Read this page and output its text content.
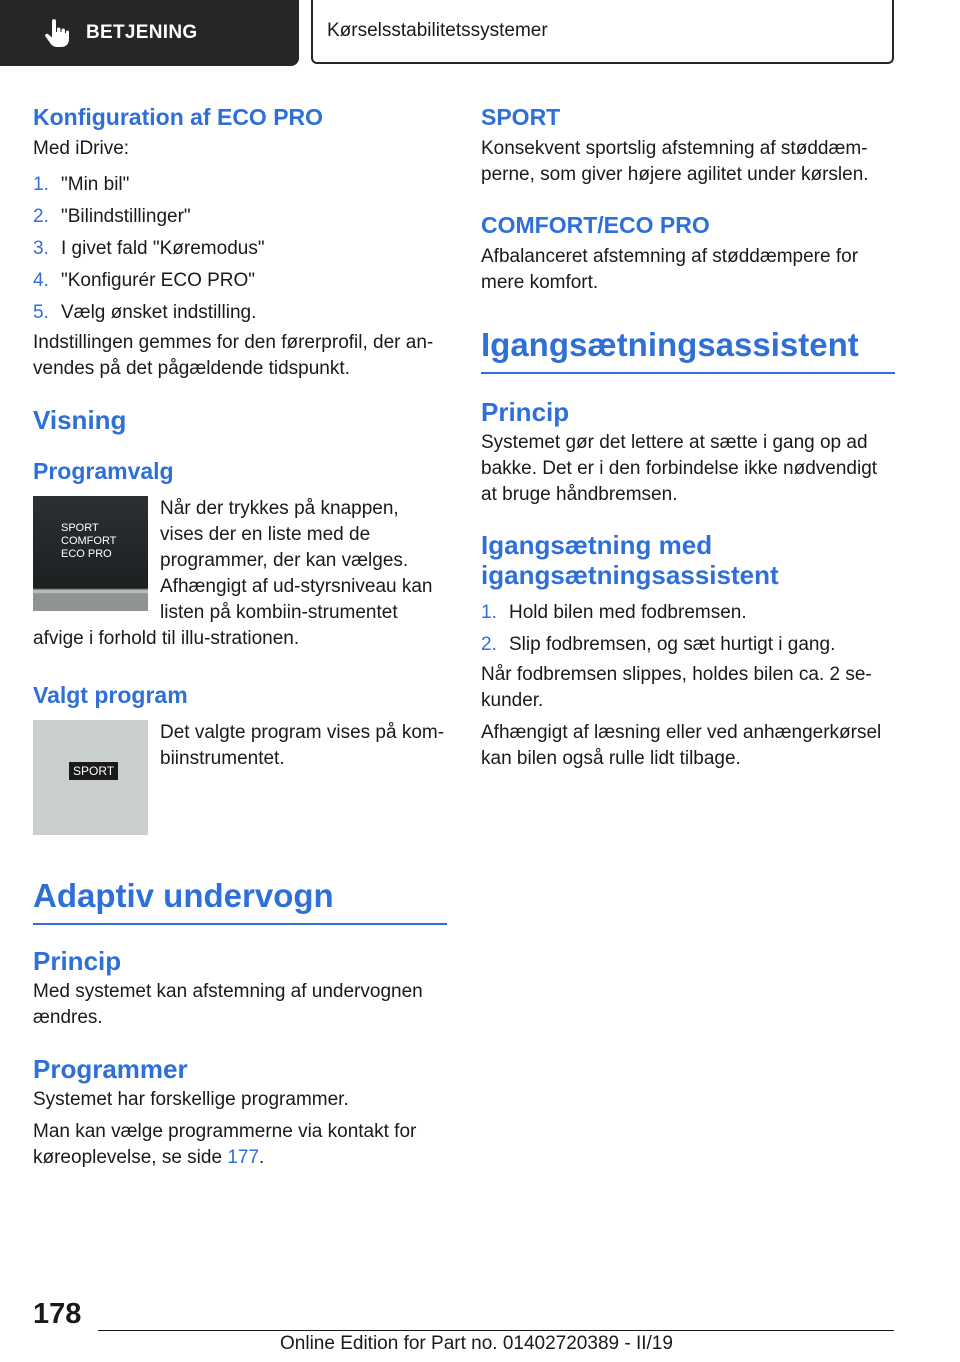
BETJENING	Kørselsstabilitetssystemer
Konfiguration af ECO PRO

Med iDrive:

1. "Min bil"
2. "Bilindstillinger"
3. I givet fald "Køremodus"
4. "Konfigurér ECO PRO"
5. Vælg ønsket indstilling.

Indstillingen gemmes for den førerprofil, der an-vendes på det pågældende tidspunkt.

Visning
Programvalg
SPORT
COMFORT
ECO PRO

Når der trykkes på knappen, vises der en liste med de programmer, der kan vælges. Afhængigt af ud-styrsniveau kan listen på kombiin-strumentet afvige i forhold til illu-strationen.

Valgt program
SPORT

Det valgte program vises på kom-biinstrumentet.

Adaptiv undervogn
Princip

Med systemet kan afstemning af undervognen ændres.

Programmer

Systemet har forskellige programmer.

Man kan vælge programmerne via kontakt for køreoplevelse, se side 177.

SPORT

Konsekvent sportslig afstemning af støddæm-perne, som giver højere agilitet under kørslen.

COMFORT/ECO PRO

Afbalanceret afstemning af støddæmpere for mere komfort.

Igangsætningsassistent
Princip

Systemet gør det lettere at sætte i gang op ad bakke. Det er i den forbindelse ikke nødvendigt at bruge håndbremsen.

Igangsætning med igangsætningsassistent
1. Hold bilen med fodbremsen.
2. Slip fodbremsen, og sæt hurtigt i gang.

Når fodbremsen slippes, holdes bilen ca. 2 se-kunder.

Afhængigt af læsning eller ved anhængerkørsel kan bilen også rulle lidt tilbage.

178
Online Edition for Part no. 01402720389 - II/19
